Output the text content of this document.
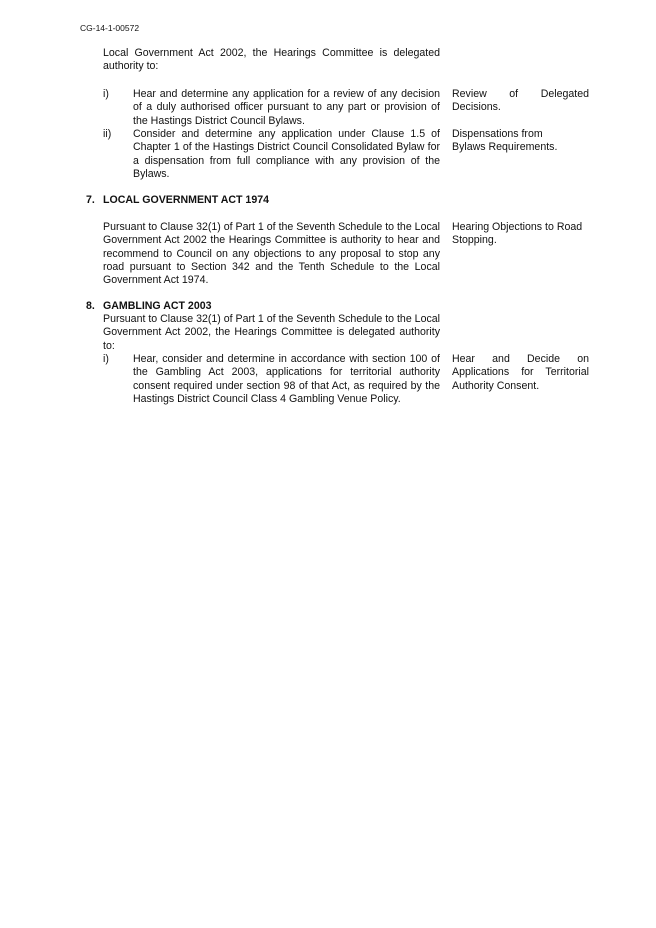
CG-14-1-00572
Local Government Act 2002, the Hearings Committee is delegated authority to:
i) Hear and determine any application for a review of any decision of a duly authorised officer pursuant to any part or provision of the Hastings District Council Bylaws.
Review of Delegated Decisions.
ii) Consider and determine any application under Clause 1.5 of Chapter 1 of the Hastings District Council Consolidated Bylaw for a dispensation from full compliance with any provision of the Bylaws.
Dispensations from Bylaws Requirements.
7. LOCAL GOVERNMENT ACT 1974
Pursuant to Clause 32(1) of Part 1 of the Seventh Schedule to the Local Government Act 2002 the Hearings Committee is authority to hear and recommend to Council on any objections to any proposal to stop any road pursuant to Section 342 and the Tenth Schedule to the Local Government Act 1974.
Hearing Objections to Road Stopping.
8. GAMBLING ACT 2003
Pursuant to Clause 32(1) of Part 1 of the Seventh Schedule to the Local Government Act 2002, the Hearings Committee is delegated authority to:
i) Hear, consider and determine in accordance with section 100 of the Gambling Act 2003, applications for territorial authority consent required under section 98 of that Act, as required by the Hastings District Council Class 4 Gambling Venue Policy.
Hear and Decide on Applications for Territorial Authority Consent.
